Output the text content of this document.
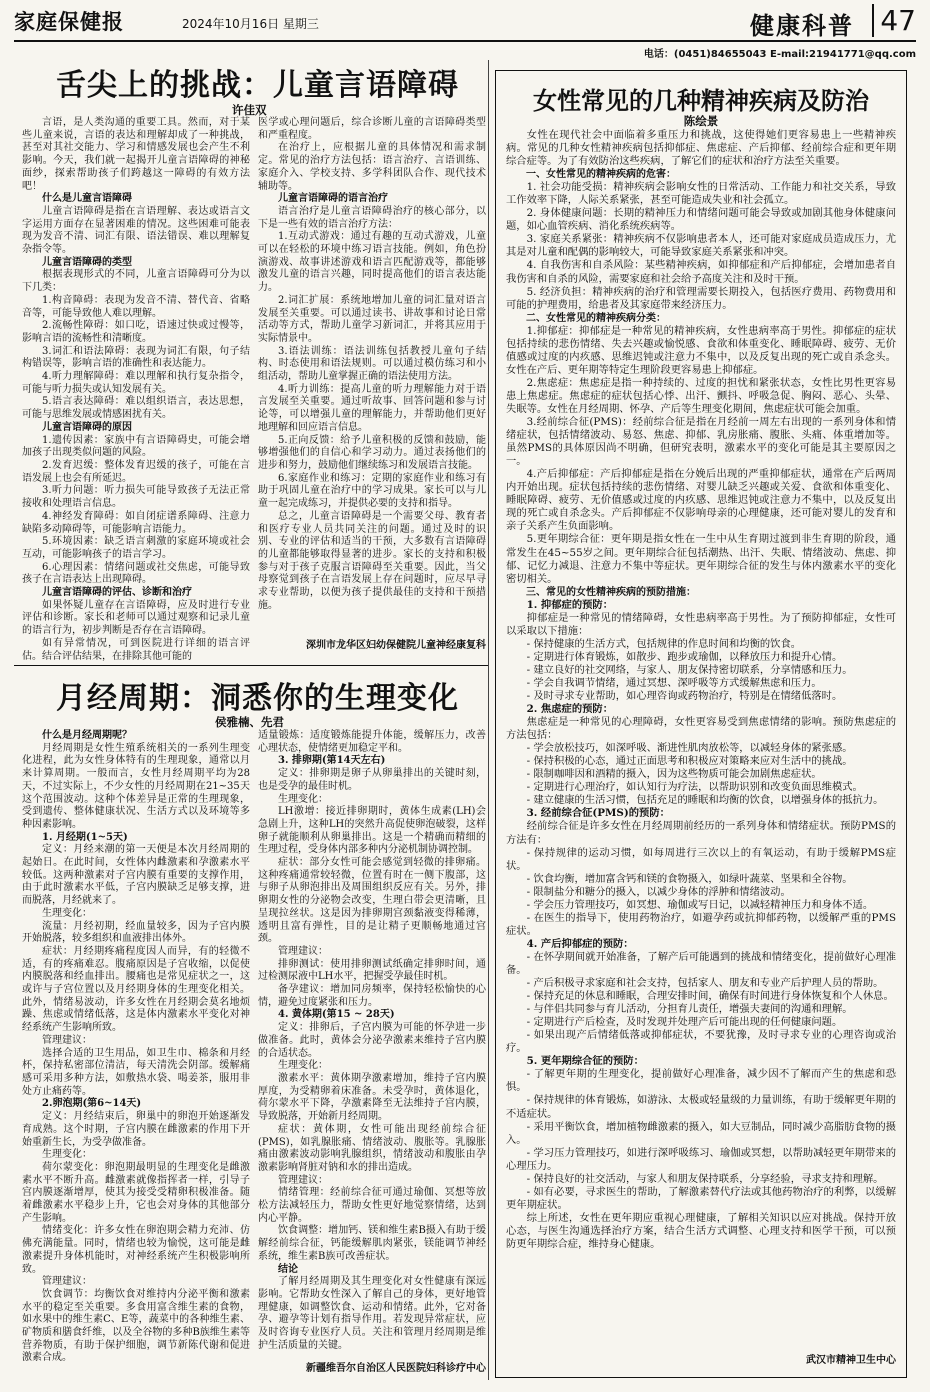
家庭保健报	2024年10月16日 星期三	健康科普 47
电话：(0451)84655043 E-mail:21941771@qq.com
舌尖上的挑战：儿童言语障碍
许佳双

言语，是人类沟通的重要工具。然而，对于某些儿童来说，言语的表达和理解却成了一种挑战，甚至对其社交能力、学习和情感发展也会产生不利影响。今天，我们就一起揭开儿童言语障碍的神秘面纱，探索帮助孩子们跨越这一障碍的有效方法吧！

什么是儿童言语障碍

儿童言语障碍是指在言语理解、表达或语言文字运用方面存在显著困难的情况。这些困难可能表现为发音不清、词汇有限、语法错误、难以理解复杂指令等。

儿童言语障碍的类型

根据表现形式的不同，儿童言语障碍可分为以下几类：

1.构音障碍：表现为发音不清、替代音、省略音等，可能导致他人难以理解。

2.流畅性障碍：如口吃，语速过快或过慢等，影响言语的流畅性和清晰度。

3.词汇和语法障碍：表现为词汇有限，句子结构错误等，影响言语的准确性和表达能力。

4.听力理解障碍：难以理解和执行复杂指令，可能与听力损失或认知发展有关。

5.语言表达障碍：难以组织语言，表达思想，可能与思维发展或情感困扰有关。

儿童言语障碍的原因

1.遗传因素：家族中有言语障碍史，可能会增加孩子出现类似问题的风险。

2.发育迟缓：整体发育迟缓的孩子，可能在言语发展上也会有所延迟。

3.听力问题：听力损失可能导致孩子无法正常接收和处理语言信息。

4.神经发育障碍：如自闭症谱系障碍、注意力缺陷多动障碍等，可能影响言语能力。

5.环境因素：缺乏语言刺激的家庭环境或社会互动，可能影响孩子的语言学习。

6.心理因素：情绪问题或社交焦虑，可能导致孩子在言语表达上出现障碍。

儿童言语障碍的评估、诊断和治疗

如果怀疑儿童存在言语障碍，应及时进行专业评估和诊断。家长和老师可以通过观察和记录儿童的语言行为，初步判断是否存在言语障碍。

如有异常情况，可到医院进行详细的语言评估。结合评估结果，在排除其他可能的

医学或心理问题后，综合诊断儿童的言语障碍类型和严重程度。

在治疗上，应根据儿童的具体情况和需求制定。常见的治疗方法包括：语言治疗、言语训练、家庭介入、学校支持、多学科团队合作、现代技术辅助等。

儿童言语障碍的语言治疗

语言治疗是儿童言语障碍治疗的核心部分，以下是一些有效的语言治疗方法：

1.互动式游戏：通过有趣的互动式游戏，儿童可以在轻松的环境中练习语言技能。例如，角色扮演游戏、故事讲述游戏和语言匹配游戏等，都能够激发儿童的语言兴趣，同时提高他们的语言表达能力。

2.词汇扩展：系统地增加儿童的词汇量对语言发展至关重要。可以通过读书、讲故事和讨论日常活动等方式，帮助儿童学习新词汇，并将其应用于实际情景中。

3.语法训练：语法训练包括教授儿童句子结构、时态使用和语法规则。可以通过模仿练习和小组活动，帮助儿童掌握正确的语法使用方法。

4.听力训练：提高儿童的听力理解能力对于语言发展至关重要。通过听故事、回答问题和参与讨论等，可以增强儿童的理解能力，并帮助他们更好地理解和回应语言信息。

5.正向反馈：给予儿童积极的反馈和鼓励，能够增强他们的自信心和学习动力。通过表扬他们的进步和努力，鼓励他们继续练习和发展语言技能。

6.家庭作业和练习：定期的家庭作业和练习有助于巩固儿童在治疗中的学习成果。家长可以与儿童一起完成练习，并提供必要的支持和指导。

总之，儿童言语障碍是一个需要父母、教育者和医疗专业人员共同关注的问题。通过及时的识别、专业的评估和适当的干预，大多数有言语障碍的儿童都能够取得显著的进步。家长的支持和积极参与对于孩子克服言语障碍至关重要。因此，当父母察觉到孩子在言语发展上存在问题时，应尽早寻求专业帮助，以便为孩子提供最佳的支持和干预措施。

深圳市龙华区妇幼保健院儿童神经康复科
月经周期：洞悉你的生理变化
侯雅楠、先君
什么是月经周期呢？

月经周期是女性生殖系统相关的一系列生理变化进程，此为女性身体特有的生理现象，通常以月来计算周期。一般而言，女性月经周期平均为28天，不过实际上，不少女性的月经周期在21~35天这个范围波动。这种个体差异是正常的生理现象，受到遗传、整体健康状况、生活方式以及环境等多种因素影响。

1. 月经期(1~5天)

定义：月经来潮的第一天便是本次月经周期的起始日。在此时间，女性体内雌激素和孕激素水平较低。这两种激素对子宫内膜有重要的支撑作用，由于此时激素水平低，子宫内膜缺乏足够支撑，进而脱落，月经就来了。

生理变化：

流量：月经初期，经血量较多，因为子宫内膜开始脱落，较多组织和血液排出体外。

症状：月经期疼痛程度因人而异，有的轻微不适，有的疼痛难忍。腹痛原因是子宫收缩，以促使内膜脱落和经血排出。腰痛也是常见症状之一，这或许与子宫位置以及月经期身体的生理变化相关。此外，情绪易波动，许多女性在月经期会莫名地烦躁、焦虑或情绪低落，这是体内激素水平变化对神经系统产生影响所致。

管理建议：

选择合适的卫生用品，如卫生巾、棉条和月经杯，保持私密部位清洁，每天清洗会阴部。缓解痛感可采用多种方法，如敷热水袋、喝姜茶，服用非处方止痛药等。

2.卵泡期(第6~14天)

定义：月经结束后，卵巢中的卵泡开始逐渐发育成熟。这个时期，子宫内膜在雌激素的作用下开始重新生长，为受孕做准备。

生理变化：

荷尔蒙变化：卵泡期最明显的生理变化是雌激素水平不断升高。雌激素就像指挥者一样，引导子宫内膜逐渐增厚，使其为接受受精卵积极准备。随着雌激素水平稳步上升，它也会对身体的其他部分产生影响。

情绪变化：许多女性在卵泡期会精力充沛、仿佛充满能量。同时，情绪也较为愉悦，这可能是雌激素提升身体机能时，对神经系统产生积极影响所致。

管理建议：

饮食调节：均衡饮食对维持内分泌平衡和激素水平的稳定至关重要。多食用富含维生素的食物，如水果中的维生素C、E等，蔬菜中的各种维生素、矿物质和膳食纤维，以及全谷物的多种B族维生素等营养物质，有助于保护细胞，调节新陈代谢和促进激素合成。

适量锻炼：适度锻炼能提升体能，缓解压力，改善心理状态，使情绪更加稳定平和。

3. 排卵期(第14天左右)

定义：排卵期是卵子从卵巢排出的关键时刻，也是受孕的最佳时机。

生理变化：

LH激增：接近排卵期时，黄体生成素(LH)会急剧上升，这种LH的突然升高促使卵泡破裂，这样卵子就能顺利从卵巢排出。这是一个精确而精细的生理过程，受身体内部多种内分泌机制协调控制。

症状：部分女性可能会感觉到轻微的排卵痛。这种疼痛通常较轻微，位置有时在一侧下腹部，这与卵子从卵泡排出及周围组织反应有关。另外，排卵期女性的分泌物会改变，生理白带会更清晰，且呈现拉丝状。这是因为排卵期宫颈黏液变得稀薄，透明且富有弹性，目的是让精子更顺畅地通过宫颈。

管理建议：

排卵测试：使用排卵测试纸确定排卵时间，通过检测尿液中LH水平，把握受孕最佳时机。

备孕建议：增加同房频率，保持轻松愉快的心情，避免过度紧张和压力。

4. 黄体期(第15 ~ 28天)

定义：排卵后，子宫内膜为可能的怀孕进一步做准备。此时，黄体会分泌孕激素来维持子宫内膜的合适状态。

生理变化：

激素水平：黄体期孕激素增加，维持子宫内膜厚度，为受精卵着床准备。未受孕时，黄体退化，荷尔蒙水平下降，孕激素降至无法维持子宫内膜，导致脱落，开始新月经周期。

症状：黄体期，女性可能出现经前综合征(PMS)，如乳腺胀痛、情绪波动、腹胀等。乳腺胀痛由激素波动影响乳腺组织，情绪波动和腹胀由孕激素影响肾脏对钠和水的排出造成。

管理建议：

情绪管理：经前综合征可通过瑜伽、冥想等放松方法减轻压力，帮助女性更好地觉察情绪，达到内心平静。

饮食调整：增加钙、镁和维生素B摄入有助于缓解经前综合征，钙能缓解肌肉紧张，镁能调节神经系统，维生素B族可改善症状。

结论

了解月经周期及其生理变化对女性健康有深远影响。它帮助女性深入了解自己的身体，更好地管理健康，如调整饮食、运动和情绪。此外，它对备孕、避孕等计划有指导作用。若发现异常症状，应及时咨询专业医疗人员。关注和管理月经周期是维护生活质量的关键。

新疆维吾尔自治区人民医院妇科诊疗中心
女性常见的几种精神疾病及防治
陈绘景

女性在现代社会中面临着多重压力和挑战，这使得她们更容易患上一些精神疾病。常见的几种女性精神疾病包括抑郁症、焦虑症、产后抑郁、经前综合症和更年期综合症等。为了有效防治这些疾病，了解它们的症状和治疗方法至关重要。

一、女性常见的精神疾病的危害：

1. 社会功能受损：精神疾病会影响女性的日常活动、工作能力和社交关系，导致工作效率下降，人际关系紧张，甚至可能造成失业和社会孤立。

2. 身体健康问题：长期的精神压力和情绪问题可能会导致或加剧其他身体健康问题，如心血管疾病、消化系统疾病等。

3. 家庭关系紧张：精神疾病不仅影响患者本人，还可能对家庭成员造成压力，尤其是对儿童和配偶的影响较大，可能导致家庭关系紧张和冲突。

4. 自我伤害和自杀风险：某些精神疾病，如抑郁症和产后抑郁症，会增加患者自我伤害和自杀的风险，需要家庭和社会给予高度关注和及时干预。

5. 经济负担：精神疾病的治疗和管理需要长期投入，包括医疗费用、药物费用和可能的护理费用，给患者及其家庭带来经济压力。

二、女性常见的精神疾病分类：

1.抑郁症：抑郁症是一种常见的精神疾病，女性患病率高于男性。抑郁症的症状包括持续的悲伤情绪、失去兴趣或愉悦感、食欲和体重变化、睡眠障碍、疲劳、无价值感或过度的内疚感、思维迟钝或注意力不集中，以及反复出现的死亡或自杀念头。女性在产后、更年期等特定生理阶段更容易患上抑郁症。

2.焦虑症：焦虑症是指一种持续的、过度的担忧和紧张状态，女性比男性更容易患上焦虑症。焦虑症的症状包括心悸、出汗、颤抖、呼吸急促、胸闷、恶心、头晕、失眠等。女性在月经周期、怀孕、产后等生理变化期间，焦虑症状可能会加重。

3.经前综合征(PMS)：经前综合征是指在月经前一周左右出现的一系列身体和情绪症状，包括情绪波动、易怒、焦虑、抑郁、乳房胀痛、腹胀、头痛、体重增加等。虽然PMS的具体原因尚不明确，但研究表明，激素水平的变化可能是其主要原因之一。

4.产后抑郁症：产后抑郁症是指在分娩后出现的严重抑郁症状，通常在产后两周内开始出现。症状包括持续的悲伤情绪、对婴儿缺乏兴趣或关爱、食欲和体重变化、睡眠障碍、疲劳、无价值感或过度的内疚感、思维迟钝或注意力不集中，以及反复出现的死亡或自杀念头。产后抑郁症不仅影响母亲的心理健康，还可能对婴儿的发育和亲子关系产生负面影响。

5.更年期综合征：更年期是指女性在一生中从生育期过渡到非生育期的阶段，通常发生在45~55岁之间。更年期综合征包括潮热、出汗、失眠、情绪波动、焦虑、抑郁、记忆力减退、注意力不集中等症状。更年期综合征的发生与体内激素水平的变化密切相关。

三、常见的女性精神疾病的预防措施：

1. 抑郁症的预防：

抑郁症是一种常见的情绪障碍，女性患病率高于男性。为了预防抑郁症，女性可以采取以下措施：

- 保持健康的生活方式，包括规律的作息时间和均衡的饮食。

- 定期进行体育锻炼，如散步、跑步或瑜伽，以释放压力和提升心情。

- 建立良好的社交网络，与家人、朋友保持密切联系，分享情感和压力。

- 学会自我调节情绪，通过冥想、深呼吸等方式缓解焦虑和压力。

- 及时寻求专业帮助，如心理咨询或药物治疗，特别是在情绪低落时。

2. 焦虑症的预防：

焦虑症是一种常见的心理障碍，女性更容易受到焦虑情绪的影响。预防焦虑症的方法包括：

- 学会放松技巧，如深呼吸、渐进性肌肉放松等，以减轻身体的紧张感。

- 保持积极的心态，通过正面思考和积极应对策略来应对生活中的挑战。

- 限制咖啡因和酒精的摄入，因为这些物质可能会加剧焦虑症状。

- 定期进行心理治疗，如认知行为疗法，以帮助识别和改变负面思维模式。

- 建立健康的生活习惯，包括充足的睡眠和均衡的饮食，以增强身体的抵抗力。

3. 经前综合征(PMS)的预防：

经前综合征是许多女性在月经周期前经历的一系列身体和情绪症状。预防PMS的方法有：

- 保持规律的运动习惯，如每周进行三次以上的有氧运动，有助于缓解PMS症状。

- 饮食均衡，增加富含钙和镁的食物摄入，如绿叶蔬菜、坚果和全谷物。

- 限制盐分和糖分的摄入，以减少身体的浮肿和情绪波动。

- 学会压力管理技巧，如冥想、瑜伽或写日记，以减轻精神压力和身体不适。

- 在医生的指导下，使用药物治疗，如避孕药或抗抑郁药物，以缓解严重的PMS症状。

4. 产后抑郁症的预防：

- 在怀孕期间就开始准备，了解产后可能遇到的挑战和情绪变化，提前做好心理准备。

- 产后积极寻求家庭和社会支持，包括家人、朋友和专业产后护理人员的帮助。

- 保持充足的休息和睡眠，合理安排时间，确保有时间进行身体恢复和个人休息。

- 与伴侣共同参与育儿活动，分担育儿责任，增强夫妻间的沟通和理解。

- 定期进行产后检查，及时发现并处理产后可能出现的任何健康问题。

- 如果出现产后情绪低落或抑郁症状，不要犹豫，及时寻求专业的心理咨询或治疗。

5. 更年期综合征的预防：

- 了解更年期的生理变化，提前做好心理准备，减少因不了解而产生的焦虑和恐惧。

- 保持规律的体育锻炼，如游泳、太极或轻量级的力量训练，有助于缓解更年期的不适症状。

- 采用平衡饮食，增加植物雌激素的摄入，如大豆制品，同时减少高脂肪食物的摄入。

- 学习压力管理技巧，如进行深呼吸练习、瑜伽或冥想，以帮助减轻更年期带来的心理压力。

- 保持良好的社交活动，与家人和朋友保持联系，分享经验，寻求支持和理解。

- 如有必要，寻求医生的帮助，了解激素替代疗法或其他药物治疗的利弊，以缓解更年期症状。

综上所述，女性在更年期应重视心理健康，了解相关知识以应对挑战。保持开放心态，与医生沟通选择治疗方案，结合生活方式调整、心理支持和医学干预，可以预防更年期综合症，维持身心健康。

武汉市精神卫生中心
